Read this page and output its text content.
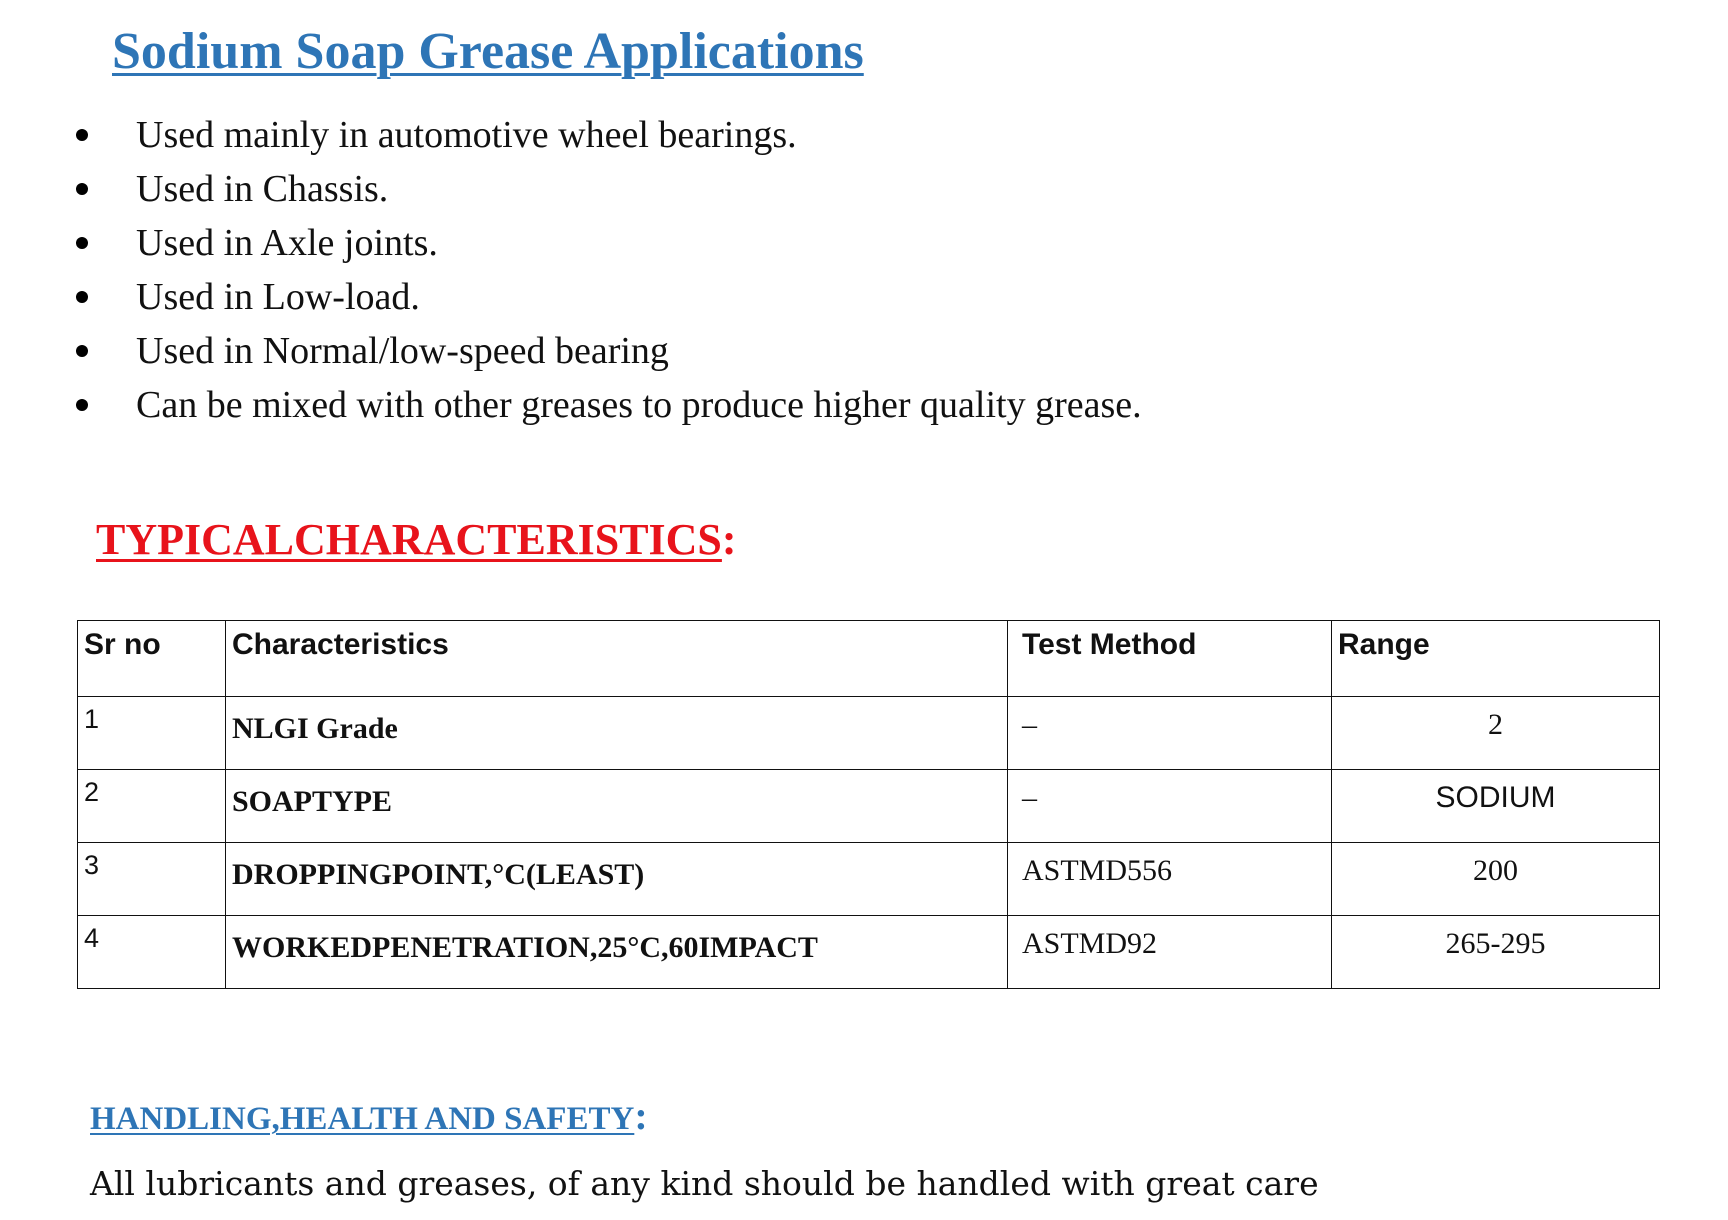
Sodium Soap Grease Applications
Used mainly in automotive wheel bearings.
Used in Chassis.
Used in Axle joints.
Used in Low-load.
Used in Normal/low-speed bearing
Can be mixed with other greases to produce higher quality grease.
TYPICALCHARACTERISTICS:
Sr no	Characteristics	Test Method	Range
1	NLGI Grade	–	2
2	SOAPTYPE	–	SODIUM
3	DROPPINGPOINT,°C(LEAST)	ASTMD556	200
4	WORKEDPENETRATION,25°C,60IMPACT	ASTMD92	265-295
HANDLING,HEALTH AND SAFETY:

All lubricants and greases, of any kind should be handled with great care
